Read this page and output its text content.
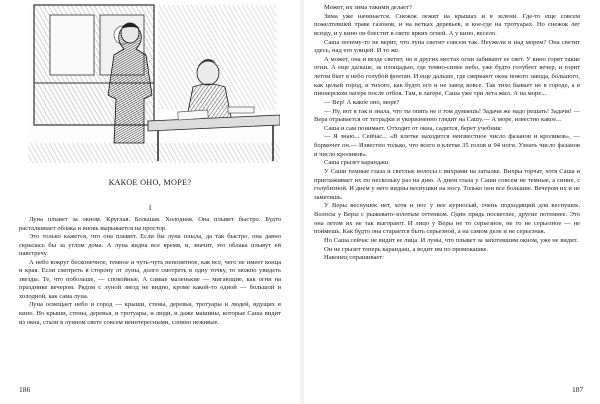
КАКОЕ ОНО, МОРЕ?
1

Луна плывет за окном. Круглая. Большая. Холодная. Она плывет быстро. Будто расталкивает облака и вновь вырывается на простор.

Это только кажется, что она плывет. Если бы луна плыла, да так быстро, она давно скрылась бы за углом дома. А луна видна все время, и, значит, это облака плывут ей навстречу.

А небо вокруг бесконечное, темное и чуть-чуть непонятное, как все, чего не имеет конца и края. Если смотреть в сторону от луны, долго смотреть в одну точку, то можно увидеть звезды. Те, что побольше, — спокойные. А самые маленькие — мигающие, как огни на празднике вечером. Рядом с луной звезд не видно, кроме какой-то одной — большой и холодной, как сама луна.

Луна освещает небо и город — крыши, стены, деревья, тротуары и людей, идущих в кино. Но крыши, стены, деревья, и тротуары, и люди, и даже машины, которые Саша видит из окна, стали в лунном свете совсем неинтересными, словно неживые.

186

Может, их зима такими делает?

Зима уже начинается. Снежок лежит на крышах и в зелени. Где-то еще совсем пожелтевшей траве газонов, и на ветках деревьев, и кое-где на тротуарах. Но снежок лег всюду, и у кино он блестит в свете ярких огней. А у кино, весело.

Саша почему-то не верит, что луна светит совсем так. Неужели и над морем? Она светит здесь, над его улицей. И то же.

А может, она и везде светит, но в других местах огни забивают ее свет. У кино горят такие огни. А еще дальше, за площадью, где темно-синее небо, уже будто голубеет вечер, и горит летом бьет в небо голубой фонтан. И еще дальше, где сверкают окна нового завода, большого, как целый город, и тихого, как будто его и не завод вовсе. Так тихо бывает не в городе, а в пионерском лагере после отбоя. Там, в лагере, Саша уже три лета жил. А на море...

— Вер! А какое оно, море?

— Ну, вот я так и знала, что ты опять не о том думаешь! Задачи же надо решать! Задачи! — Вера отрывается от тетрадки и укоризненно глядит на Сашу.— А море, известно какое...

Саша и сам понимает. Отходит от окна, садится, берет учебник:

— Я знаю... Сейчас... «В клетке находится неизвестное число фазанов и кроликов», — бормочет он.— Известно только, что всего в клетке 35 голов и 94 ноги. Узнать число фазанов и число кроликов».

Саша грызет карандаш.

У Саши темные глаза и светлые волосы с вихрами на затылке. Вихры торчат, хотя Саша и приглаживает их по нескольку раз на дню. А днем глаза у Саши совсем не темные, а синие, с голубизной. И днем у него видны веснушки на носу. Только они все большие. Вечером их и не заметишь.

У Веры веснушек нет, хотя и нос у нее курносый, очень подходящий для веснушек. Волосы у Веры с рыжевато-золотым оттенком. Один прядь посветлее, другие потемнее. Это она летом их не так выгорают. И лицо у Веры не то серьезное, не то не серьезное — не поймешь. Как будто она старается быть серьезной, а на самом деле и не серьезная.

Но Саша сейчас не видит ее лица. И луны, что плывет за запотевшим окном, уже не видит.

Он не грызет теперь карандаш, а водит им по промокашке.

Наконец спрашивает:

187
